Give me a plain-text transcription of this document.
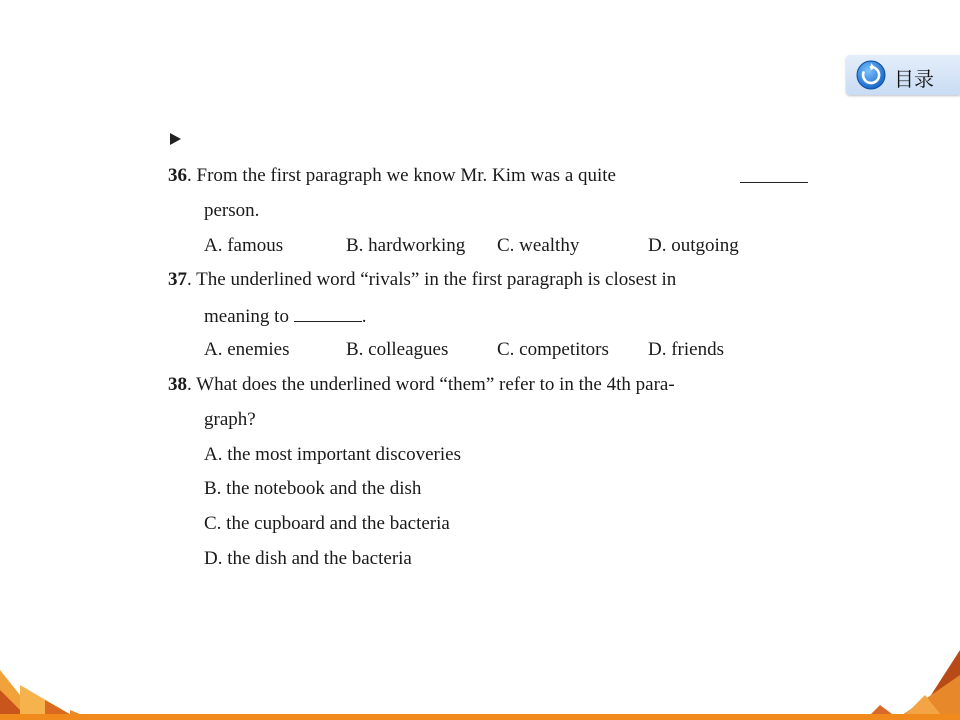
目录
36. From the first paragraph we know Mr. Kim was a quite
person.
A. famous	B. hardworking C. wealthy	D. outgoing
37. The underlined word “rivals” in the first paragraph is closest in
meaning to	.
A. enemies	B. colleagues	C. competitors D. friends
38. What does the underlined word “them” refer to in the 4th para-
graph?
A. the most important discoveries
B. the notebook and the dish
C. the cupboard and the bacteria
D. the dish and the bacteria
